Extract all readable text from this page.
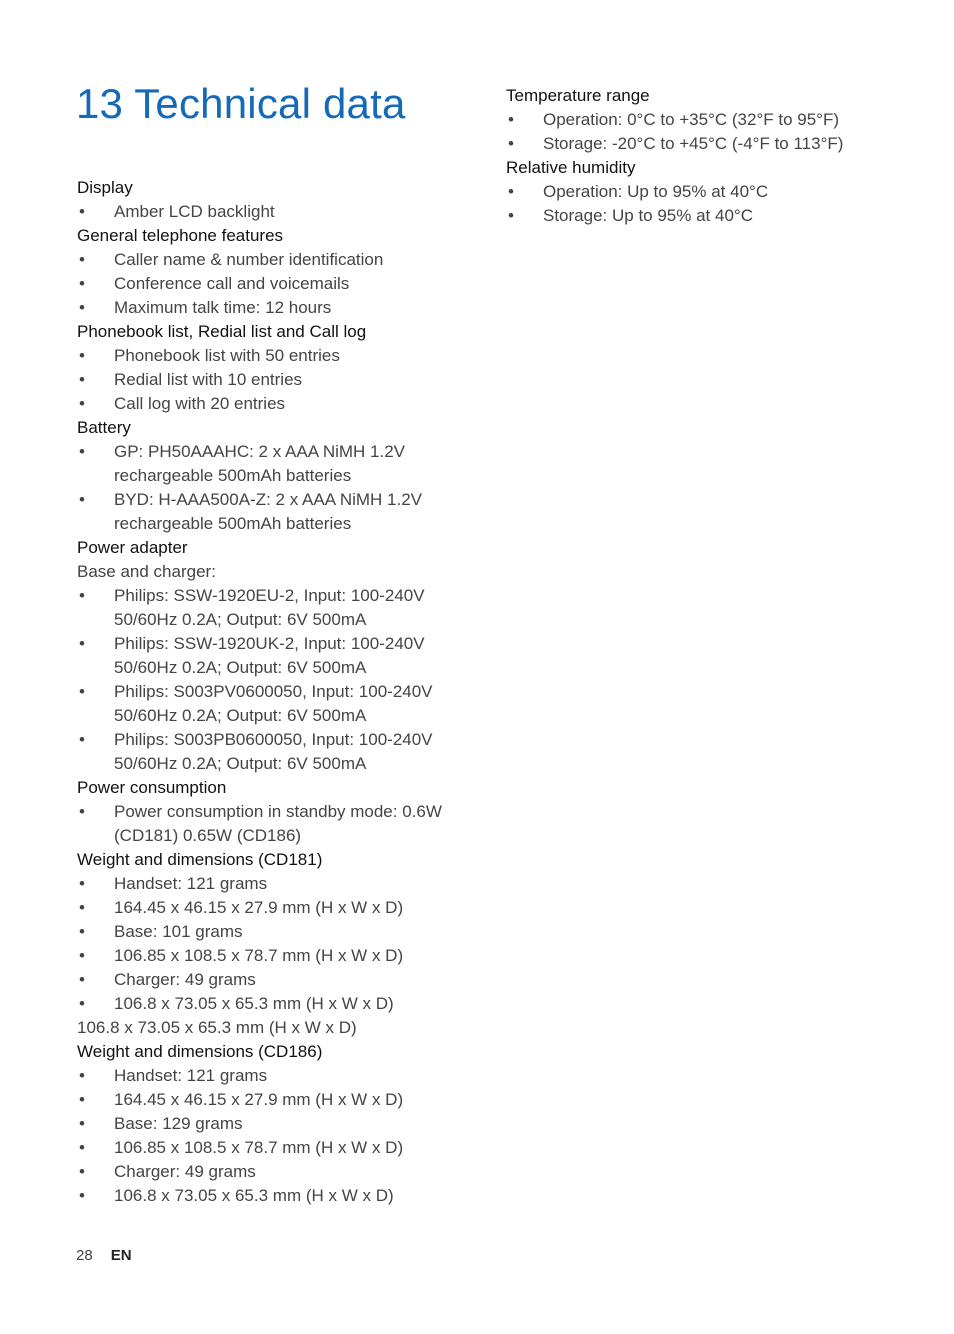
13 Technical data
Display
• Amber LCD backlight
General telephone features
• Caller name & number identification
• Conference call and voicemails
• Maximum talk time: 12 hours
Phonebook list, Redial list and Call log
• Phonebook list with 50 entries
• Redial list with 10 entries
• Call log with 20 entries
Battery
• GP: PH50AAAHC: 2 x AAA NiMH 1.2V rechargeable 500mAh batteries
• BYD: H-AAA500A-Z: 2 x AAA NiMH 1.2V rechargeable 500mAh batteries
Power adapter
Base and charger:
• Philips: SSW-1920EU-2, Input: 100-240V 50/60Hz 0.2A; Output: 6V 500mA
• Philips: SSW-1920UK-2, Input: 100-240V 50/60Hz 0.2A; Output: 6V 500mA
• Philips: S003PV0600050, Input: 100-240V 50/60Hz 0.2A; Output: 6V 500mA
• Philips: S003PB0600050, Input: 100-240V 50/60Hz 0.2A; Output: 6V 500mA
Power consumption
• Power consumption in standby mode: 0.6W (CD181) 0.65W (CD186)
Weight and dimensions (CD181)
• Handset: 121 grams
• 164.45 x 46.15 x 27.9 mm (H x W x D)
• Base: 101 grams
• 106.85 x 108.5 x 78.7 mm (H x W x D)
• Charger: 49 grams
• 106.8 x 73.05 x 65.3 mm (H x W x D)
106.8 x 73.05 x 65.3 mm (H x W x D)
Weight and dimensions (CD186)
• Handset: 121 grams
• 164.45 x 46.15 x 27.9 mm (H x W x D)
• Base: 129 grams
• 106.85 x 108.5 x 78.7 mm (H x W x D)
• Charger: 49 grams
• 106.8 x 73.05 x 65.3 mm (H x W x D)
Temperature range
• Operation: 0°C to +35°C (32°F to 95°F)
• Storage: -20°C to +45°C (-4°F to 113°F)
Relative humidity
• Operation: Up to 95% at 40°C
• Storage: Up to 95% at 40°C
28 EN
